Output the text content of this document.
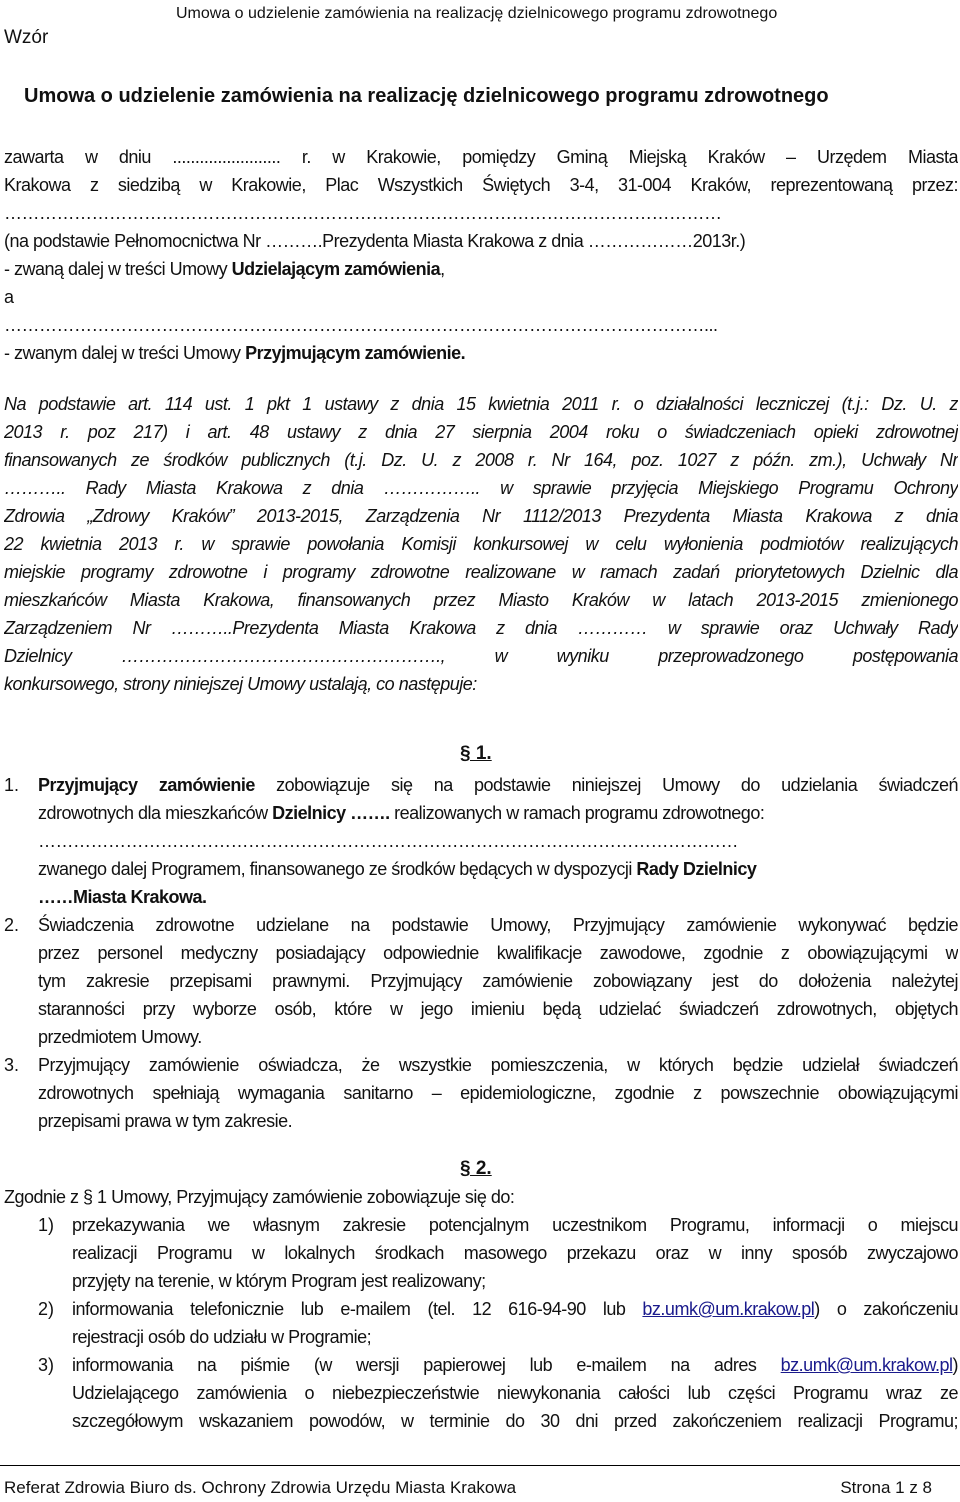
Wzór
Umowa o udzielenie zamówienia na realizację dzielnicowego programu zdrowotnego
Umowa o udzielenie zamówienia na realizację dzielnicowego programu zdrowotnego
zawarta w dniu ........................ r. w Krakowie, pomiędzy Gminą Miejską Kraków – Urzędem Miasta
Krakowa z siedzibą w Krakowie, Plac Wszystkich Świętych 3-4, 31-004 Kraków, reprezentowaną przez:
……………………………………………………………………………………………………………
(na podstawie Pełnomocnictwa Nr ……….Prezydenta Miasta Krakowa z dnia ………………2013r.)
- zwaną dalej w treści Umowy Udzielającym zamówienia,
a
…………………………………………………………………………………………………………...
- zwanym dalej w treści Umowy Przyjmującym zamówienie.
Na podstawie art. 114 ust. 1 pkt 1 ustawy z dnia 15 kwietnia 2011 r. o działalności leczniczej (t.j.: Dz. U. z
2013 r. poz 217) i art. 48 ustawy z dnia 27 sierpnia 2004 roku o świadczeniach opieki zdrowotnej
finansowanych ze środków publicznych (t.j. Dz. U. z 2008 r. Nr 164, poz. 1027 z późn. zm.), Uchwały Nr
……….. Rady Miasta Krakowa z dnia …………….. w sprawie przyjęcia Miejskiego Programu Ochrony
Zdrowia „Zdrowy Kraków” 2013-2015, Zarządzenia Nr 1112/2013 Prezydenta Miasta Krakowa z dnia
22 kwietnia 2013 r. w sprawie powołania Komisji konkursowej w celu wyłonienia podmiotów realizujących
miejskie programy zdrowotne i programy zdrowotne realizowane w ramach zadań priorytetowych Dzielnic dla
mieszkańców Miasta Krakowa, finansowanych przez Miasto Kraków w latach 2013-2015 zmienionego
Zarządzeniem Nr ………..Prezydenta Miasta Krakowa z dnia ………… w sprawie oraz Uchwały Rady
Dzielnicy ………………………………………………., w wyniku przeprowadzonego postępowania
konkursowego, strony niniejszej Umowy ustalają, co następuje:
§ 1.
1. Przyjmujący zamówienie zobowiązuje się na podstawie niniejszej Umowy do udzielania świadczeń
zdrowotnych dla mieszkańców Dzielnicy ……. realizowanych w ramach programu zdrowotnego:
…………………………………………………………………………………………………………
zwanego dalej Programem, finansowanego ze środków będących w dyspozycji Rady Dzielnicy
……Miasta Krakowa.
2. Świadczenia zdrowotne udzielane na podstawie Umowy, Przyjmujący zamówienie wykonywać będzie
przez personel medyczny posiadający odpowiednie kwalifikacje zawodowe, zgodnie z obowiązującymi w
tym zakresie przepisami prawnymi. Przyjmujący zamówienie zobowiązany jest do dołożenia należytej
staranności przy wyborze osób, które w jego imieniu będą udzielać świadczeń zdrowotnych, objętych
przedmiotem Umowy.
3. Przyjmujący zamówienie oświadcza, że wszystkie pomieszczenia, w których będzie udzielał świadczeń
zdrowotnych spełniają wymagania sanitarno – epidemiologiczne, zgodnie z powszechnie obowiązującymi
przepisami prawa w tym zakresie.
§ 2.
Zgodnie z § 1 Umowy, Przyjmujący zamówienie zobowiązuje się do:
1) przekazywania we własnym zakresie potencjalnym uczestnikom Programu, informacji o miejscu
realizacji Programu w lokalnych środkach masowego przekazu oraz w inny sposób zwyczajowo
przyjęty na terenie, w którym Program jest realizowany;
2) informowania telefonicznie lub e-mailem (tel. 12 616-94-90 lub bz.umk@um.krakow.pl) o zakończeniu
rejestracji osób do udziału w Programie;
3) informowania na piśmie (w wersji papierowej lub e-mailem na adres bz.umk@um.krakow.pl)
Udzielającego zamówienia o niebezpieczeństwie niewykonania całości lub części Programu wraz ze
szczegółowym wskazaniem powodów, w terminie do 30 dni przed zakończeniem realizacji Programu;
Referat Zdrowia Biuro ds. Ochrony Zdrowia Urzędu Miasta Krakowa	Strona 1 z 8
